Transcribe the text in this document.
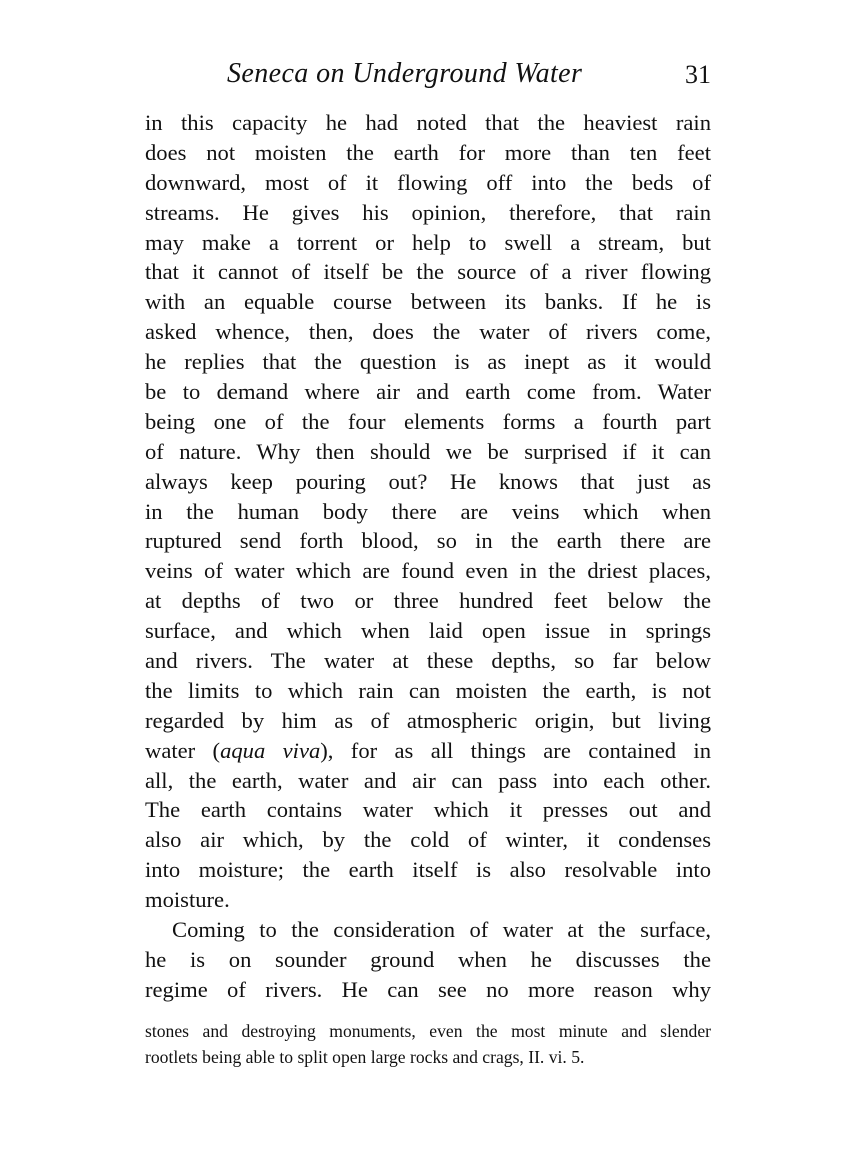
Seneca on Underground Water	31
in this capacity he had noted that the heaviest rain
does not moisten the earth for more than ten feet
downward, most of it flowing off into the beds of
streams. He gives his opinion, therefore, that rain
may make a torrent or help to swell a stream, but
that it cannot of itself be the source of a river flowing
with an equable course between its banks. If he is
asked whence, then, does the water of rivers come,
he replies that the question is as inept as it would
be to demand where air and earth come from. Water
being one of the four elements forms a fourth part
of nature. Why then should we be surprised if it can
always keep pouring out? He knows that just as
in the human body there are veins which when
ruptured send forth blood, so in the earth there are
veins of water which are found even in the driest places,
at depths of two or three hundred feet below the
surface, and which when laid open issue in springs
and rivers. The water at these depths, so far below
the limits to which rain can moisten the earth, is not
regarded by him as of atmospheric origin, but living
water (aqua viva), for as all things are contained in
all, the earth, water and air can pass into each other.
The earth contains water which it presses out and
also air which, by the cold of winter, it condenses
into moisture; the earth itself is also resolvable into
moisture.
Coming to the consideration of water at the surface,
he is on sounder ground when he discusses the
regime of rivers. He can see no more reason why
stones and destroying monuments, even the most minute and slender
rootlets being able to split open large rocks and crags, II. vi. 5.
